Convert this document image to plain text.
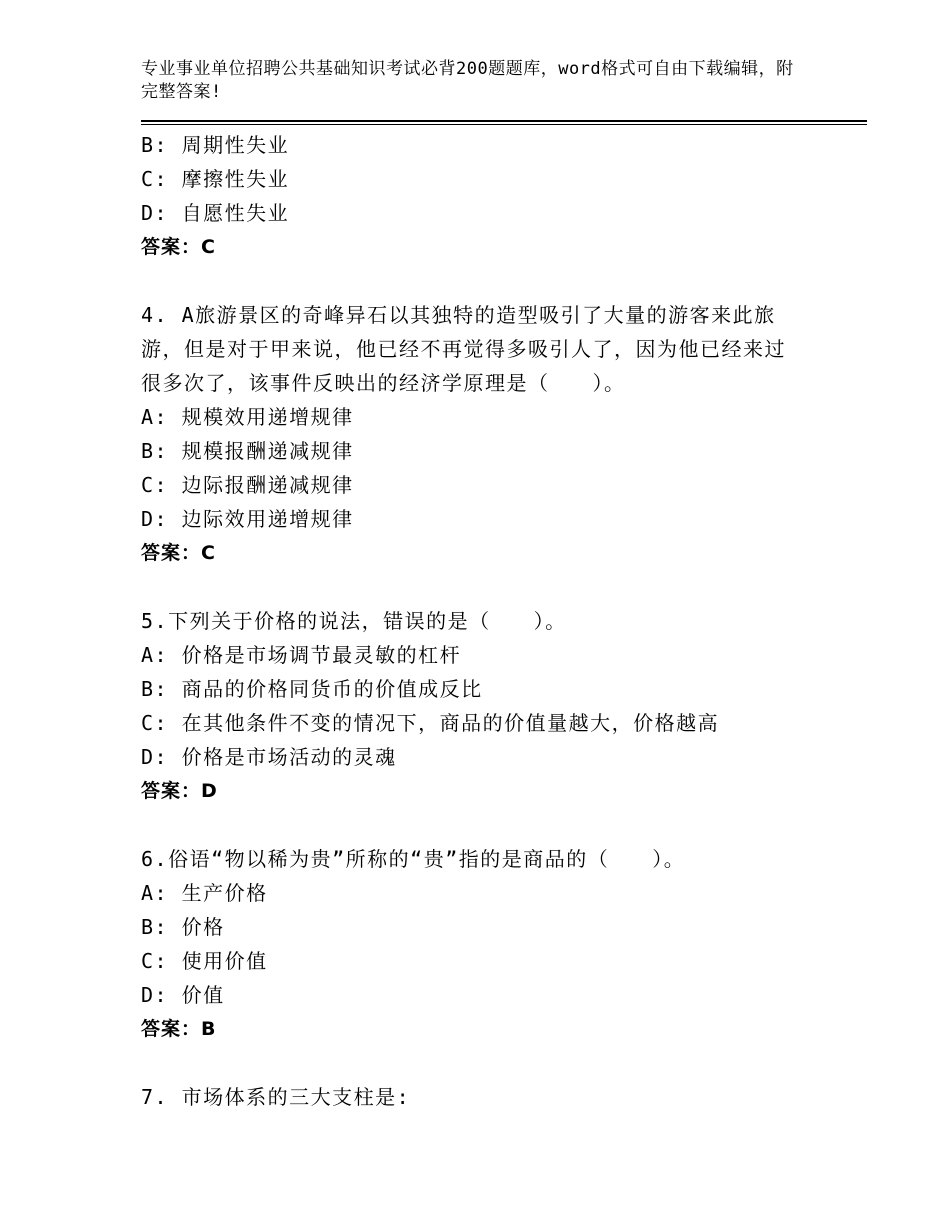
专业事业单位招聘公共基础知识考试必背200题题库，word格式可自由下载编辑，附完整答案!
B: 周期性失业
C: 摩擦性失业
D: 自愿性失业
答案：C
4. A旅游景区的奇峰异石以其独特的造型吸引了大量的游客来此旅游，但是对于甲来说，他已经不再觉得多吸引人了，因为他已经来过很多次了，该事件反映出的经济学原理是（　　）。
A: 规模效用递增规律
B: 规模报酬递减规律
C: 边际报酬递减规律
D: 边际效用递增规律
答案：C
5.下列关于价格的说法，错误的是（　　）。
A: 价格是市场调节最灵敏的杠杆
B: 商品的价格同货币的价值成反比
C: 在其他条件不变的情况下，商品的价值量越大，价格越高
D: 价格是市场活动的灵魂
答案：D
6.俗语“物以稀为贵”所称的“贵”指的是商品的（　　）。
A: 生产价格
B: 价格
C: 使用价值
D: 价值
答案：B
7. 市场体系的三大支柱是:
